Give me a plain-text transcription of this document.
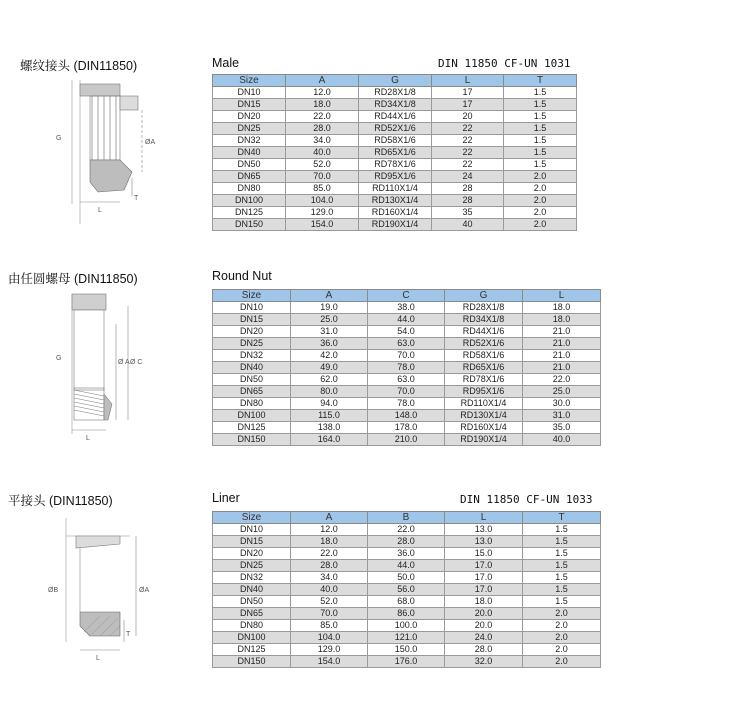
螺纹接头 (DIN11850)	Male	DIN 11850 CF-UN 1031
G
ØA
T
L
Size	A	G	L	T
DN10	12.0	RD28X1/8	17	1.5
DN15	18.0	RD34X1/8	17	1.5
DN20	22.0	RD44X1/6	20	1.5
DN25	28.0	RD52X1/6	22	1.5
DN32	34.0	RD58X1/6	22	1.5
DN40	40.0	RD65X1/6	22	1.5
DN50	52.0	RD78X1/6	22	1.5
DN65	70.0	RD95X1/6	24	2.0
DN80	85.0	RD110X1/4	28	2.0
DN100	104.0	RD130X1/4	28	2.0
DN125	129.0	RD160X1/4	35	2.0
DN150	154.0	RD190X1/4	40	2.0
由任圆螺母 (DIN11850)	Round Nut
G
Ø A Ø C
L
Size	A	C	G	L
DN10	19.0	38.0	RD28X1/8	18.0
DN15	25.0	44.0	RD34X1/8	18.0
DN20	31.0	54.0	RD44X1/6	21.0
DN25	36.0	63.0	RD52X1/6	21.0
DN32	42.0	70.0	RD58X1/6	21.0
DN40	49.0	78.0	RD65X1/6	21.0
DN50	62.0	63.0	RD78X1/6	22.0
DN65	80.0	70.0	RD95X1/6	25.0
DN80	94.0	78.0	RD110X1/4	30.0
DN100	115.0	148.0	RD130X1/4	31.0
DN125	138.0	178.0	RD160X1/4	35.0
DN150	164.0	210.0	RD190X1/4	40.0
平接头 (DIN11850)	Liner	DIN 11850 CF-UN 1033
ØB	ØA
T
L
Size	A	B	L	T
DN10	12.0	22.0	13.0	1.5
DN15	18.0	28.0	13.0	1.5
DN20	22.0	36.0	15.0	1.5
DN25	28.0	44.0	17.0	1.5
DN32	34.0	50.0	17.0	1.5
DN40	40.0	56.0	17.0	1.5
DN50	52.0	68.0	18.0	1.5
DN65	70.0	86.0	20.0	2.0
DN80	85.0	100.0	20.0	2.0
DN100	104.0	121.0	24.0	2.0
DN125	129.0	150.0	28.0	2.0
DN150	154.0	176.0	32.0	2.0
